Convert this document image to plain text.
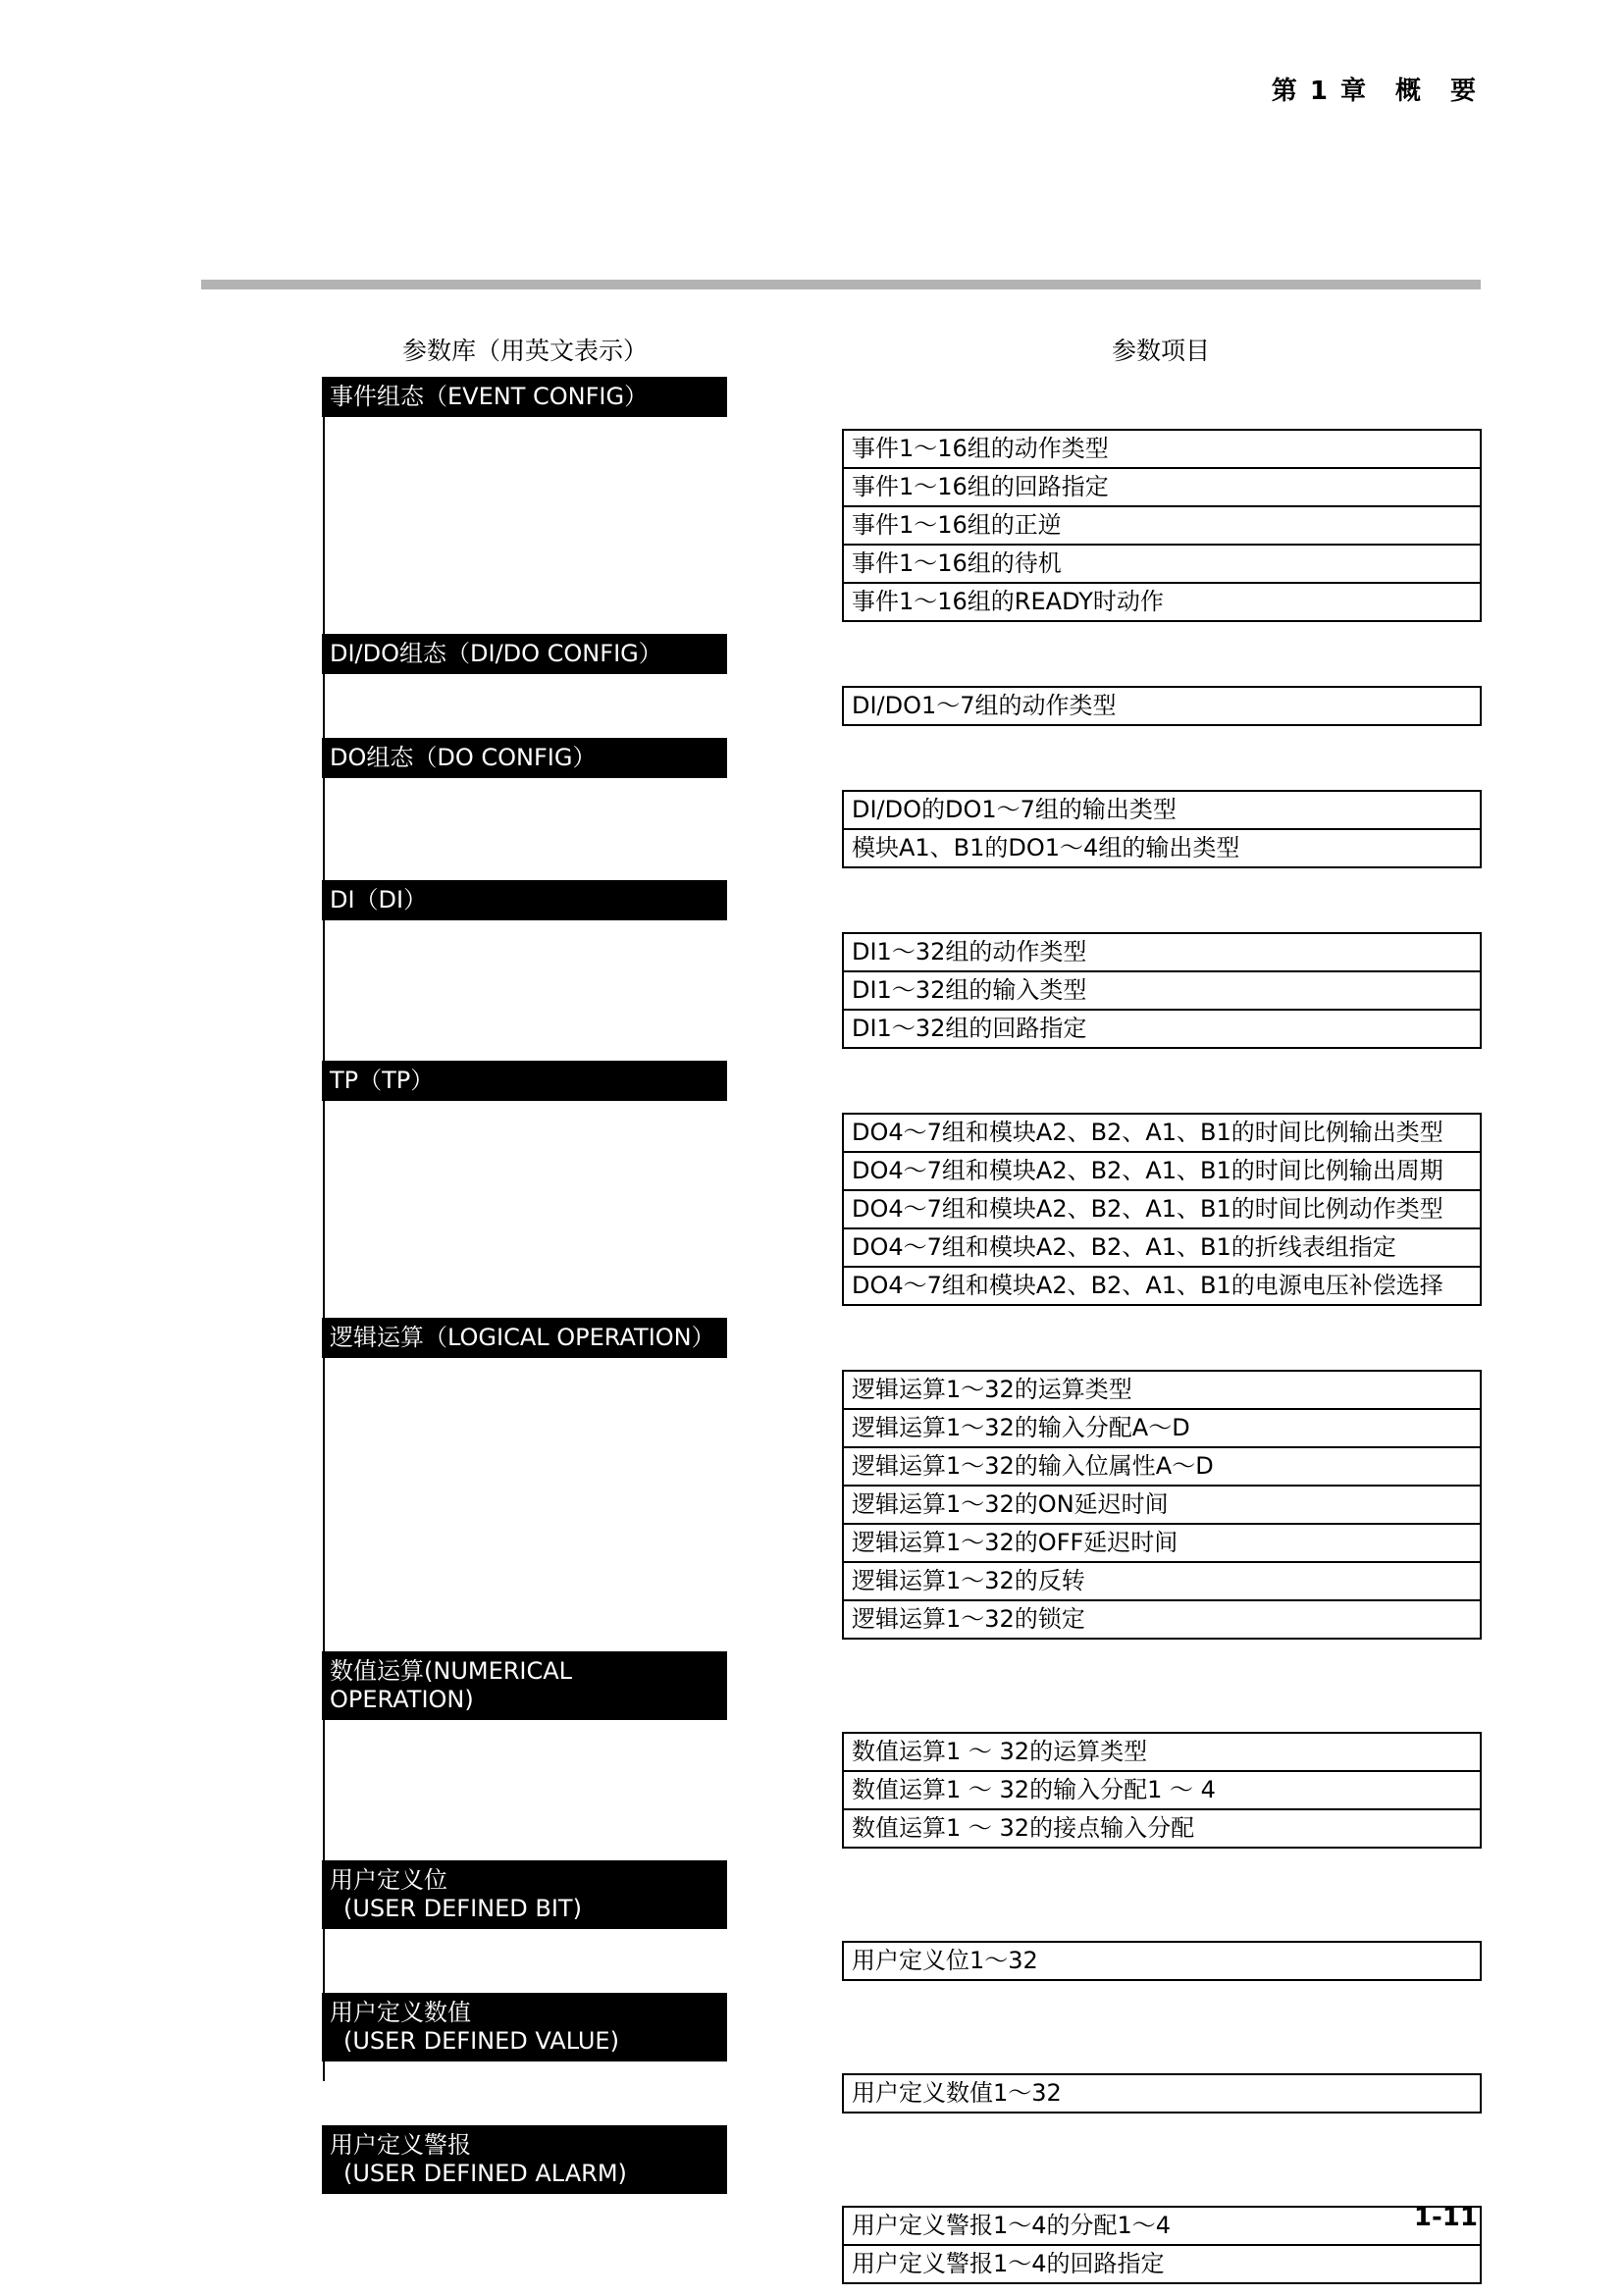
第 1 章　概　要
参数库（用英文表示）	参数项目
事件组态（EVENT CONFIG）
事件1～16组的动作类型
事件1～16组的回路指定
事件1～16组的正逆
事件1～16组的待机
事件1～16组的READY时动作
DI/DO组态（DI/DO CONFIG）
DI/DO1～7组的动作类型
DO组态（DO CONFIG）
DI/DO的DO1～7组的输出类型
模块A1、B1的DO1～4组的输出类型
DI（DI）
DI1～32组的动作类型
DI1～32组的输入类型
DI1～32组的回路指定
TP（TP）
DO4～7组和模块A2、B2、A1、B1的时间比例输出类型
DO4～7组和模块A2、B2、A1、B1的时间比例输出周期
DO4～7组和模块A2、B2、A1、B1的时间比例动作类型
DO4～7组和模块A2、B2、A1、B1的折线表组指定
DO4～7组和模块A2、B2、A1、B1的电源电压补偿选择
逻辑运算（LOGICAL OPERATION）
逻辑运算1～32的运算类型
逻辑运算1～32的输入分配A～D
逻辑运算1～32的输入位属性A～D
逻辑运算1～32的ON延迟时间
逻辑运算1～32的OFF延迟时间
逻辑运算1～32的反转
逻辑运算1～32的锁定
数值运算(NUMERICAL OPERATION)
数值运算1 ～ 32的运算类型
数值运算1 ～ 32的输入分配1 ～ 4
数值运算1 ～ 32的接点输入分配
用户定义位
(USER DEFINED BIT)
用户定义位1～32
用户定义数值
(USER DEFINED VALUE)
用户定义数值1～32
用户定义警报
(USER DEFINED ALARM)
用户定义警报1～4的分配1～4
用户定义警报1～4的回路指定
1-11
